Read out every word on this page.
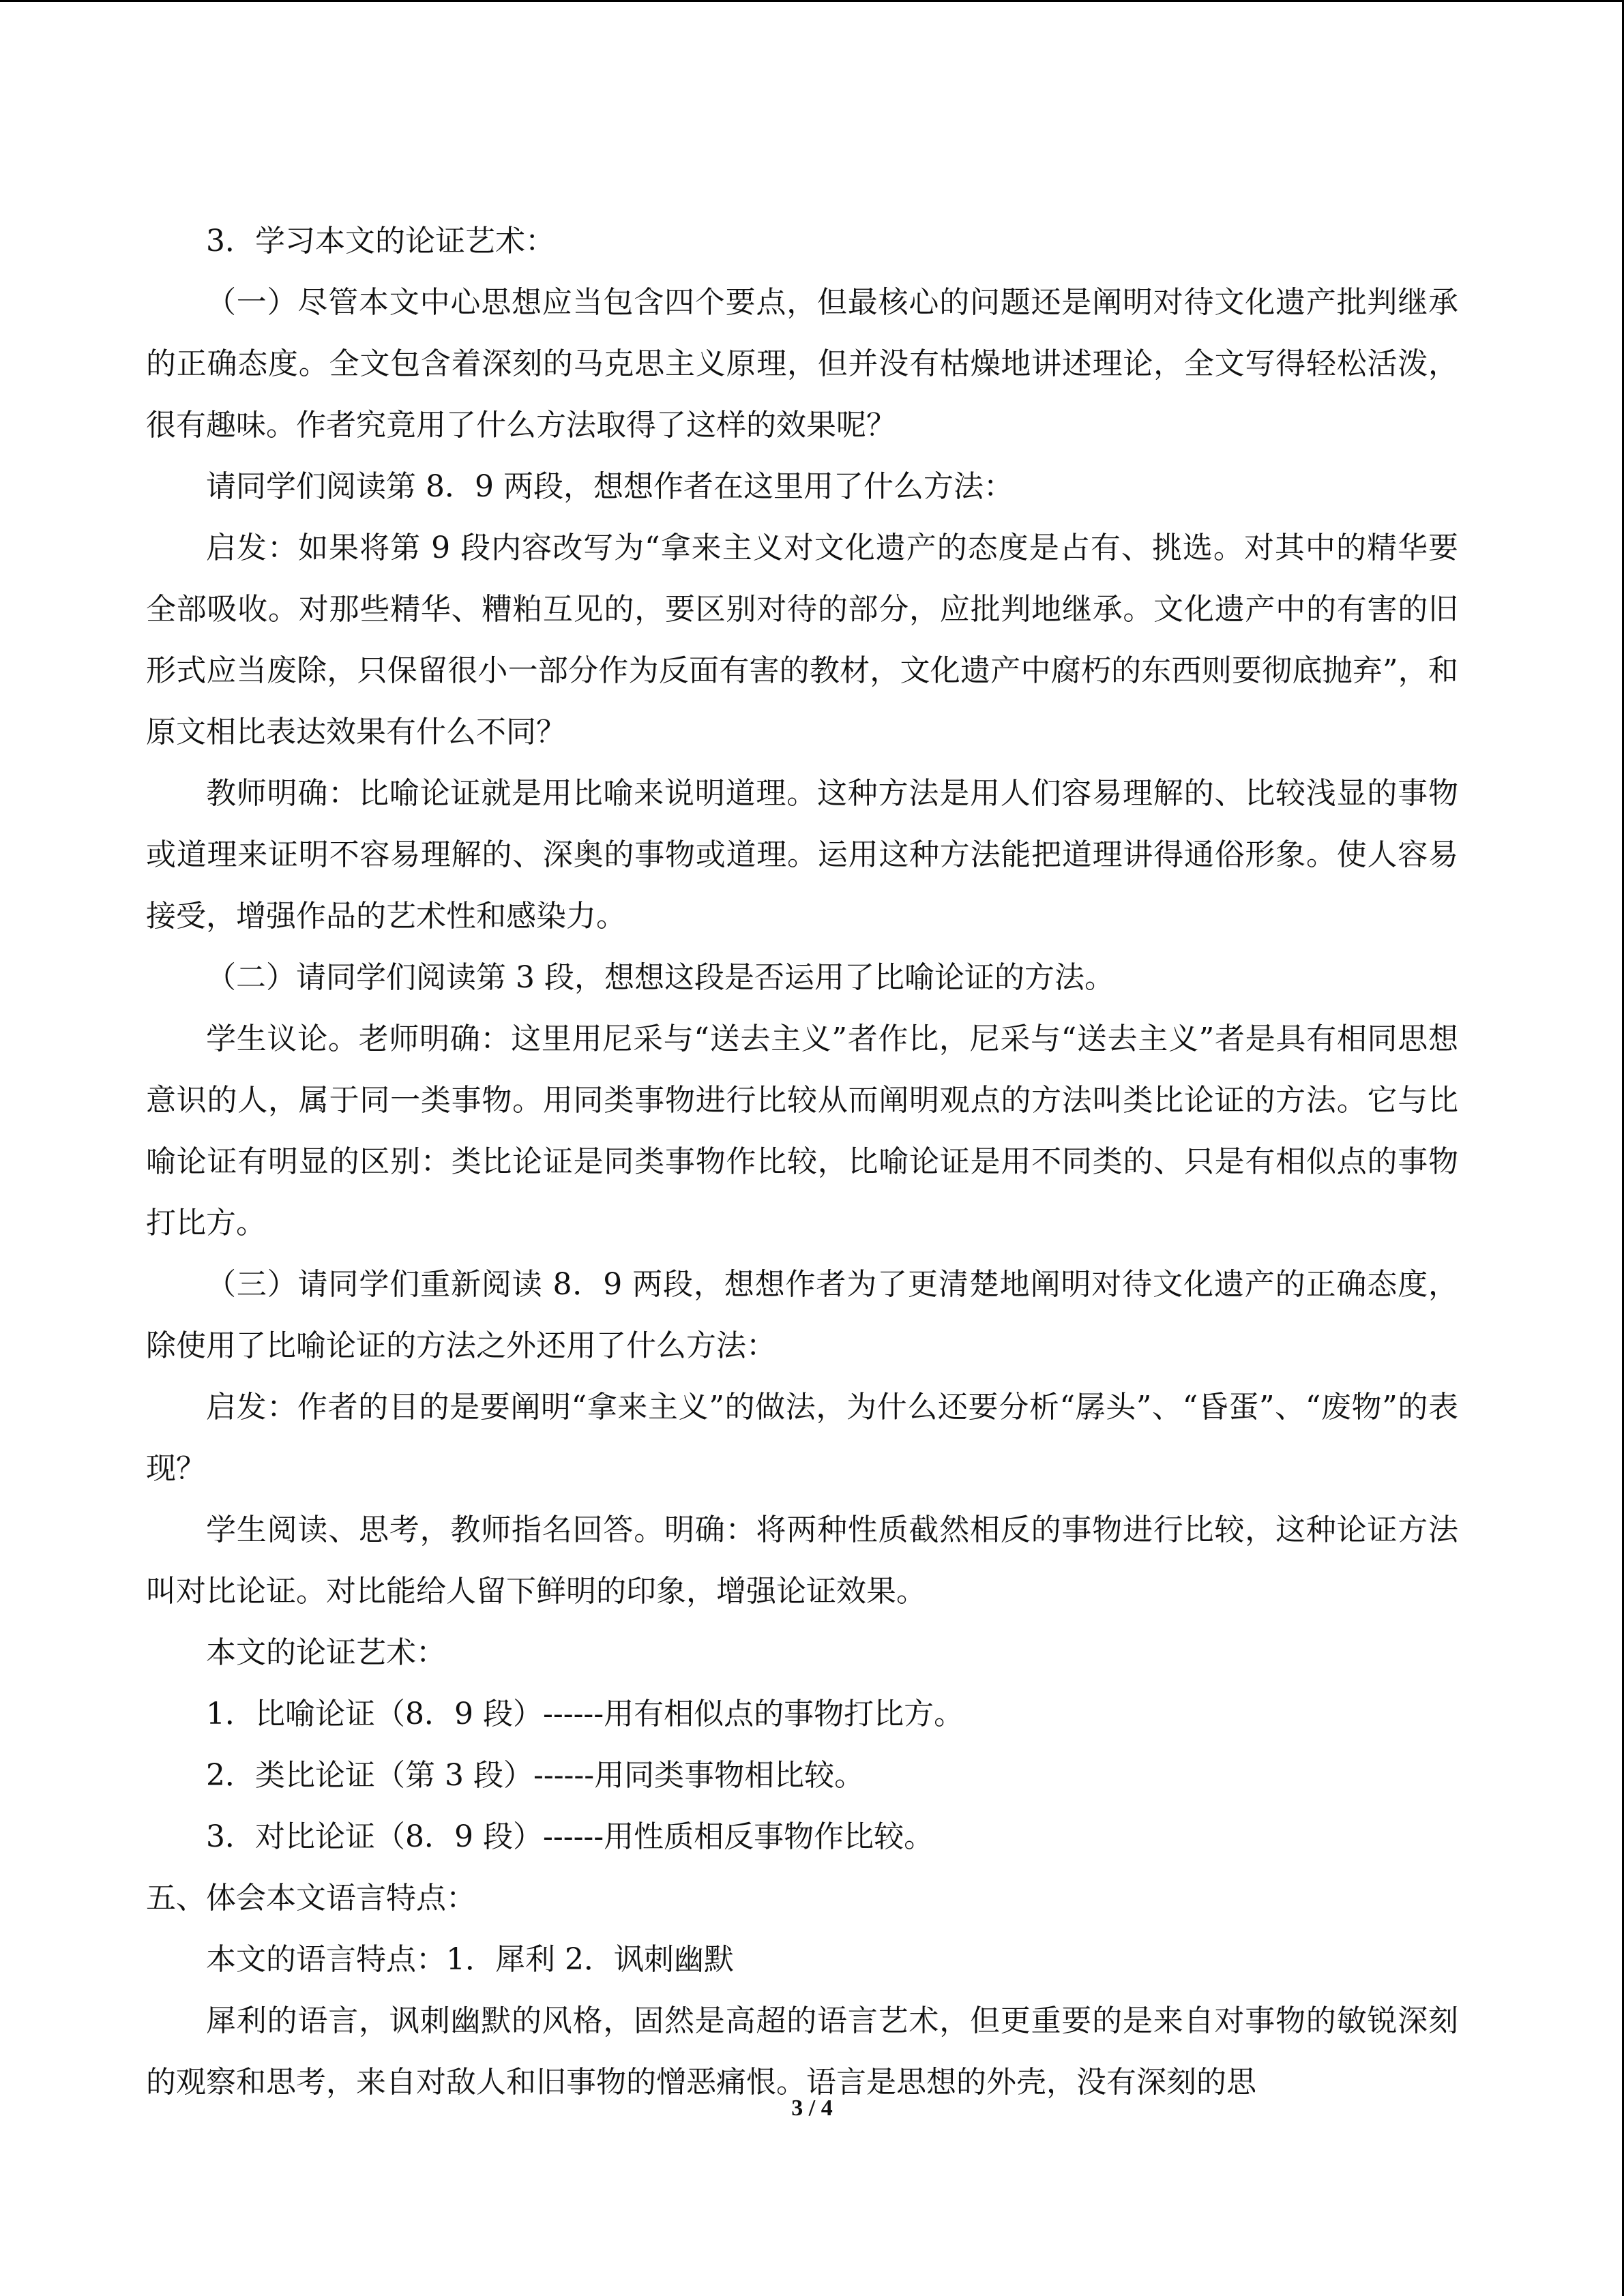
3．学习本文的论证艺术：

（一）尽管本文中心思想应当包含四个要点，但最核心的问题还是阐明对待文化遗产批判继承的正确态度。全文包含着深刻的马克思主义原理，但并没有枯燥地讲述理论，全文写得轻松活泼，很有趣味。作者究竟用了什么方法取得了这样的效果呢？

请同学们阅读第 8．9 两段，想想作者在这里用了什么方法：

启发：如果将第 9 段内容改写为“拿来主义对文化遗产的态度是占有、挑选。对其中的精华要全部吸收。对那些精华、糟粕互见的，要区别对待的部分，应批判地继承。文化遗产中的有害的旧形式应当废除，只保留很小一部分作为反面有害的教材，文化遗产中腐朽的东西则要彻底抛弃”，和原文相比表达效果有什么不同？

教师明确：比喻论证就是用比喻来说明道理。这种方法是用人们容易理解的、比较浅显的事物或道理来证明不容易理解的、深奥的事物或道理。运用这种方法能把道理讲得通俗形象。使人容易接受，增强作品的艺术性和感染力。

（二）请同学们阅读第 3 段，想想这段是否运用了比喻论证的方法。

学生议论。老师明确：这里用尼采与“送去主义”者作比，尼采与“送去主义”者是具有相同思想意识的人，属于同一类事物。用同类事物进行比较从而阐明观点的方法叫类比论证的方法。它与比喻论证有明显的区别：类比论证是同类事物作比较，比喻论证是用不同类的、只是有相似点的事物打比方。

（三）请同学们重新阅读 8．9 两段，想想作者为了更清楚地阐明对待文化遗产的正确态度，除使用了比喻论证的方法之外还用了什么方法：

启发：作者的目的是要阐明“拿来主义”的做法，为什么还要分析“孱头”、“昏蛋”、“废物”的表现？

学生阅读、思考，教师指名回答。明确：将两种性质截然相反的事物进行比较，这种论证方法叫对比论证。对比能给人留下鲜明的印象，增强论证效果。

本文的论证艺术：

1．比喻论证（8．9 段）------用有相似点的事物打比方。

2．类比论证（第 3 段）------用同类事物相比较。

3．对比论证（8．9 段）------用性质相反事物作比较。

五、体会本文语言特点：

本文的语言特点：1．犀利 2．讽刺幽默

犀利的语言，讽刺幽默的风格，固然是高超的语言艺术，但更重要的是来自对事物的敏锐深刻的观察和思考，来自对敌人和旧事物的憎恶痛恨。语言是思想的外壳，没有深刻的思

3 / 4
